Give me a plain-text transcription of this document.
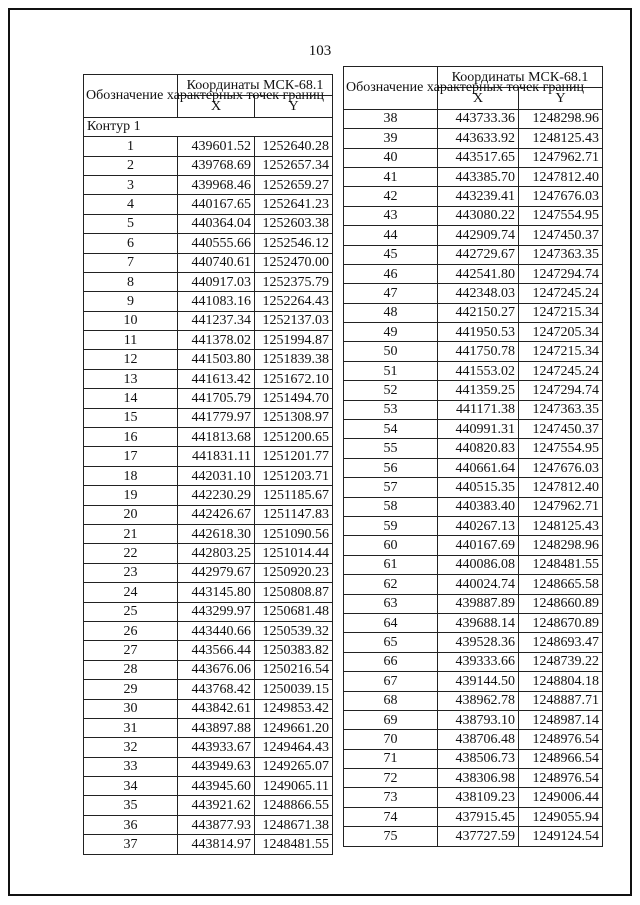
103
Обозначение характерных точек границ	Координаты МСК-68.1	
	X	Y
Контур 1		
1	439601.52	1252640.28
2	439768.69	1252657.34
3	439968.46	1252659.27
4	440167.65	1252641.23
5	440364.04	1252603.38
6	440555.66	1252546.12
7	440740.61	1252470.00
8	440917.03	1252375.79
9	441083.16	1252264.43
10	441237.34	1252137.03
11	441378.02	1251994.87
12	441503.80	1251839.38
13	441613.42	1251672.10
14	441705.79	1251494.70
15	441779.97	1251308.97
16	441813.68	1251200.65
17	441831.11	1251201.77
18	442031.10	1251203.71
19	442230.29	1251185.67
20	442426.67	1251147.83
21	442618.30	1251090.56
22	442803.25	1251014.44
23	442979.67	1250920.23
24	443145.80	1250808.87
25	443299.97	1250681.48
26	443440.66	1250539.32
27	443566.44	1250383.82
28	443676.06	1250216.54
29	443768.42	1250039.15
30	443842.61	1249853.42
31	443897.88	1249661.20
32	443933.67	1249464.43
33	443949.63	1249265.07
34	443945.60	1249065.11
35	443921.62	1248866.55
36	443877.93	1248671.38
37	443814.97	1248481.55
Обозначение характерных точек границ	Координаты МСК-68.1	
	X	Y
38	443733.36	1248298.96
39	443633.92	1248125.43
40	443517.65	1247962.71
41	443385.70	1247812.40
42	443239.41	1247676.03
43	443080.22	1247554.95
44	442909.74	1247450.37
45	442729.67	1247363.35
46	442541.80	1247294.74
47	442348.03	1247245.24
48	442150.27	1247215.34
49	441950.53	1247205.34
50	441750.78	1247215.34
51	441553.02	1247245.24
52	441359.25	1247294.74
53	441171.38	1247363.35
54	440991.31	1247450.37
55	440820.83	1247554.95
56	440661.64	1247676.03
57	440515.35	1247812.40
58	440383.40	1247962.71
59	440267.13	1248125.43
60	440167.69	1248298.96
61	440086.08	1248481.55
62	440024.74	1248665.58
63	439887.89	1248660.89
64	439688.14	1248670.89
65	439528.36	1248693.47
66	439333.66	1248739.22
67	439144.50	1248804.18
68	438962.78	1248887.71
69	438793.10	1248987.14
70	438706.48	1248976.54
71	438506.73	1248966.54
72	438306.98	1248976.54
73	438109.23	1249006.44
74	437915.45	1249055.94
75	437727.59	1249124.54
